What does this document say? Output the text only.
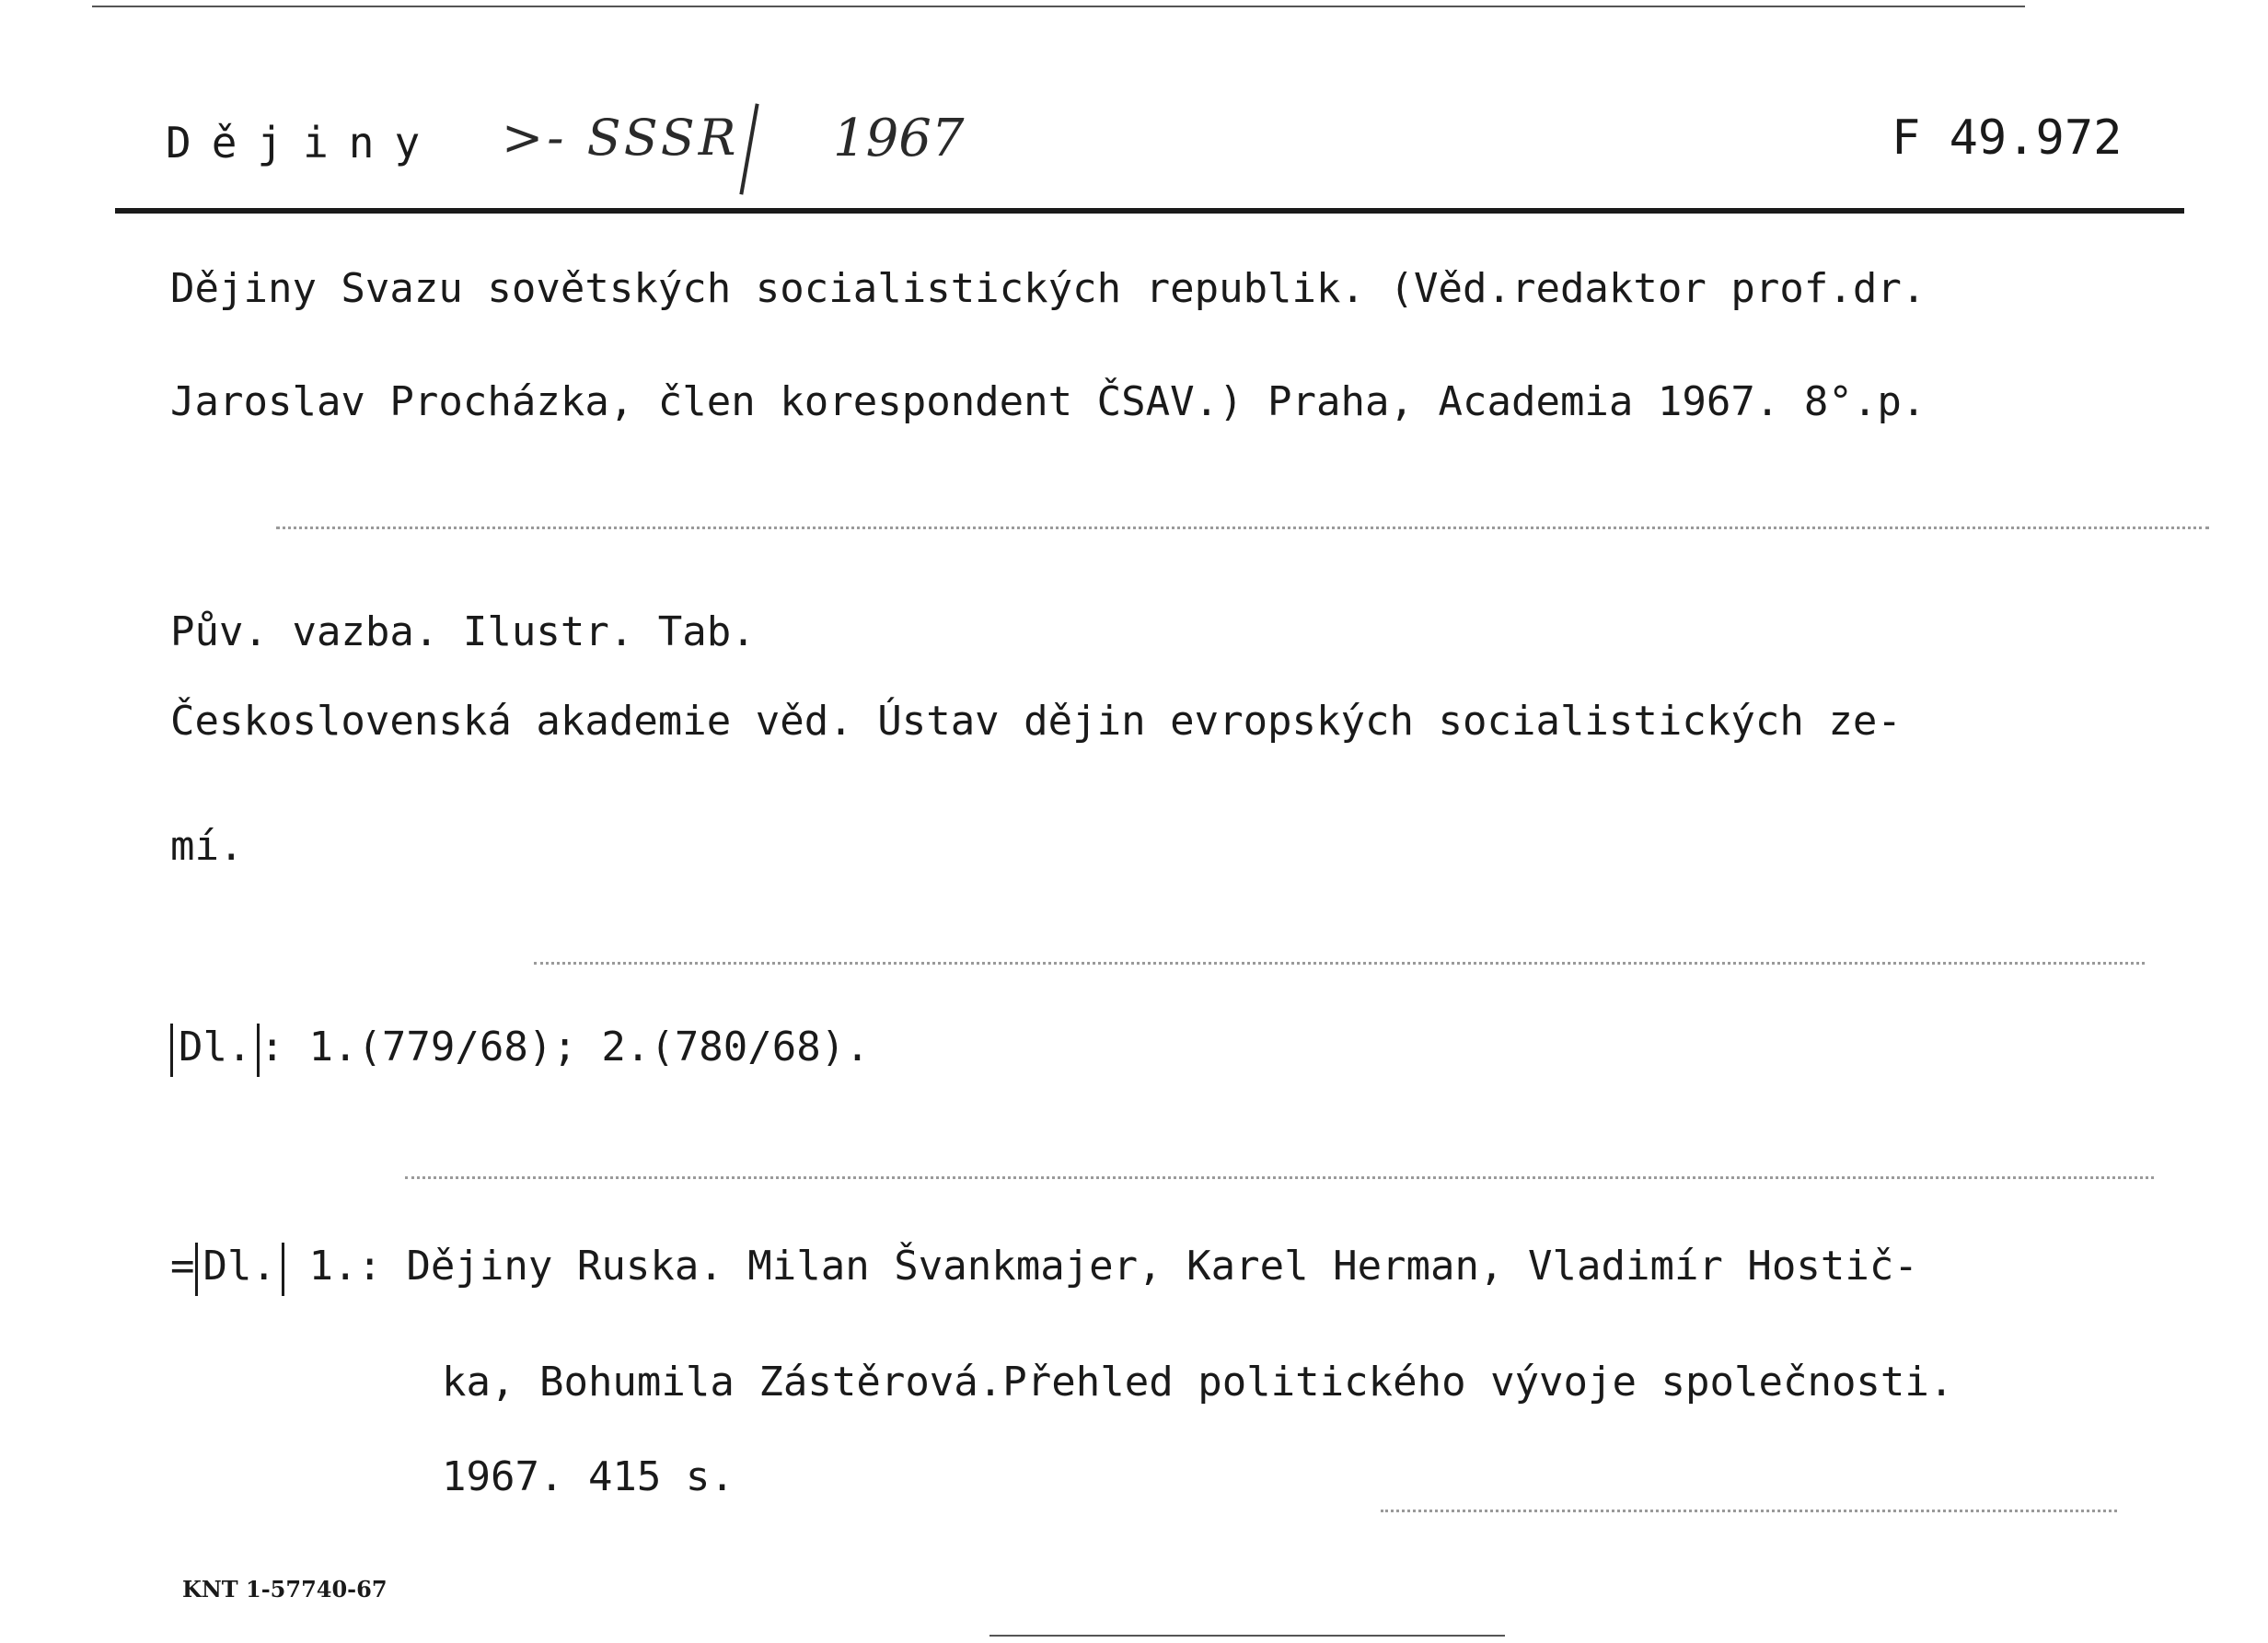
Dějiny >- SSSR 1967	F 49.972
Dějiny Svazu sovětských socialistických republik. (Věd.redaktor prof.dr.
Jaroslav Procházka, člen korespondent ČSAV.) Praha, Academia 1967. 8°.p.
Pův. vazba. Ilustr. Tab.
Československá akademie věd. Ústav dějin evropských socialistických ze-
mí.
Dl. : 1.(779/68); 2.(780/68).
= Dl. 1.: Dějiny Ruska. Milan Švankmajer, Karel Herman, Vladimír Hostič-
ka, Bohumila Zástěrová.Přehled politického vývoje společnosti.
1967. 415 s.
KNT 1-57740-67
